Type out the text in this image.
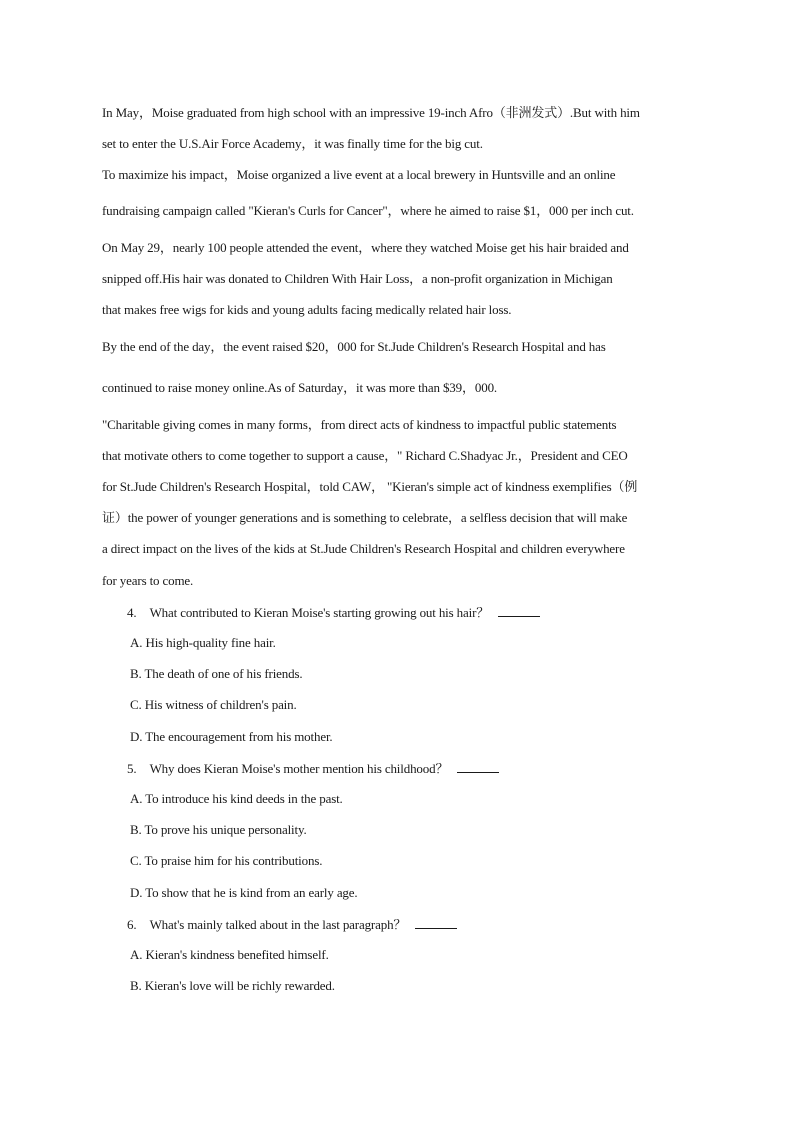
In May，Moise graduated from high school with an impressive 19-inch Afro（非洲发式）.But with him
set to enter the U.S.Air Force Academy，it was finally time for the big cut.
To maximize his impact，Moise organized a live event at a local brewery in Huntsville and an online
fundraising campaign called "Kieran's Curls for Cancer"，where he aimed to raise $1，000 per inch cut.
On May 29，nearly 100 people attended the event，where they watched Moise get his hair braided and
snipped off.His hair was donated to Children With Hair Loss，a non-profit organization in Michigan
that makes free wigs for kids and young adults facing medically related hair loss.
By the end of the day，the event raised $20，000 for St.Jude Children's Research Hospital and has
continued to raise money online.As of Saturday，it was more than $39，000.
"Charitable giving comes in many forms，from direct acts of kindness to impactful public statements
that motivate others to come together to support a cause，" Richard C.Shadyac Jr.，President and CEO
for St.Jude Children's Research Hospital，told CAW， "Kieran's simple act of kindness exemplifies（例
证）the power of younger generations and is something to celebrate，a selfless decision that will make
a direct impact on the lives of the kids at St.Jude Children's Research Hospital and children everywhere
for years to come.
4. What contributed to Kieran Moise's starting growing out his hair？
A. His high-quality fine hair.
B. The death of one of his friends.
C. His witness of children's pain.
D. The encouragement from his mother.
5. Why does Kieran Moise's mother mention his childhood？
A. To introduce his kind deeds in the past.
B. To prove his unique personality.
C. To praise him for his contributions.
D. To show that he is kind from an early age.
6. What's mainly talked about in the last paragraph？
A. Kieran's kindness benefited himself.
B. Kieran's love will be richly rewarded.
